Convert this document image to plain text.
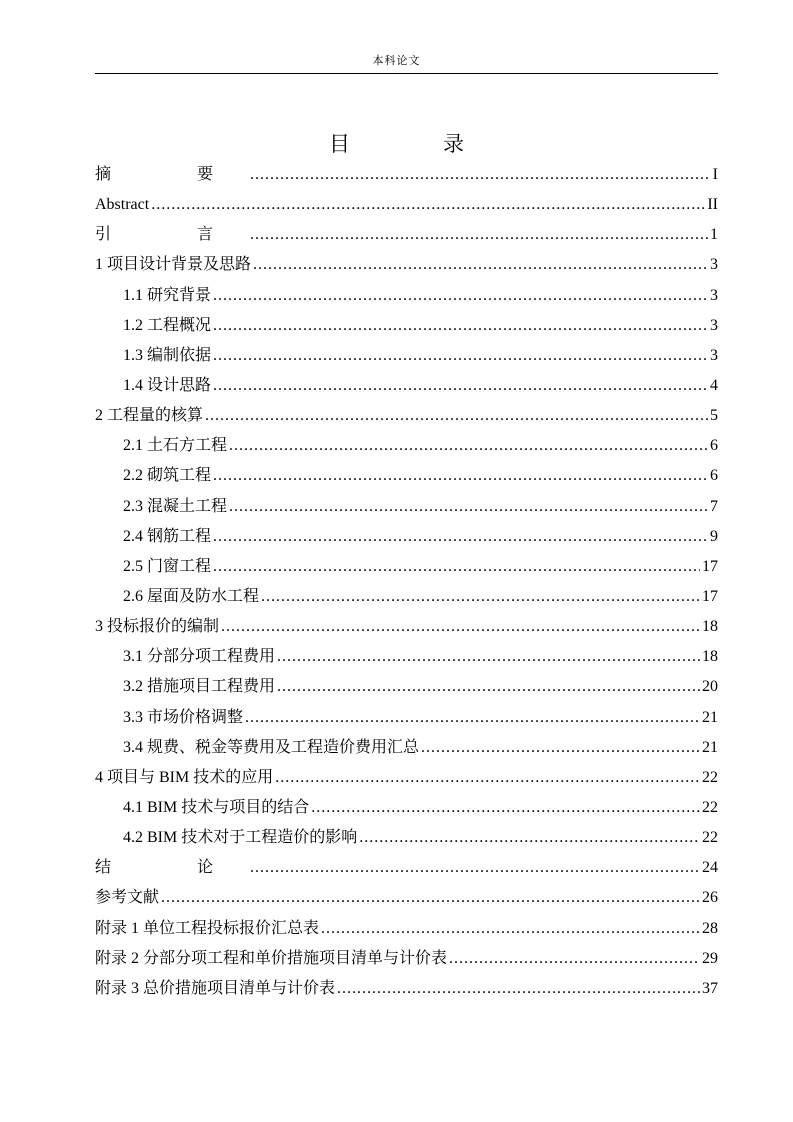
本科论文
目　录
摘　要 .....	I
Abstract .....	II
引　言 .....	1
1 项目设计背景及思路 .....	3
1.1 研究背景 .....	3
1.2 工程概况 .....	3
1.3 编制依据 .....	3
1.4 设计思路 .....	4
2 工程量的核算 .....	5
2.1 土石方工程 .....	6
2.2 砌筑工程 .....	6
2.3 混凝土工程 .....	7
2.4 钢筋工程 .....	9
2.5 门窗工程 .....	17
2.6 屋面及防水工程 .....	17
3 投标报价的编制 .....	18
3.1 分部分项工程费用 .....	18
3.2 措施项目工程费用 .....	20
3.3 市场价格调整 .....	21
3.4 规费、税金等费用及工程造价费用汇总 .....	21
4 项目与 BIM 技术的应用 .....	22
4.1 BIM 技术与项目的结合 .....	22
4.2 BIM 技术对于工程造价的影响 .....	22
结　论 .....	24
参考文献 .....	26
附录 1 单位工程投标报价汇总表 .....	28
附录 2 分部分项工程和单价措施项目清单与计价表 .....	29
附录 3 总价措施项目清单与计价表 .....	37
